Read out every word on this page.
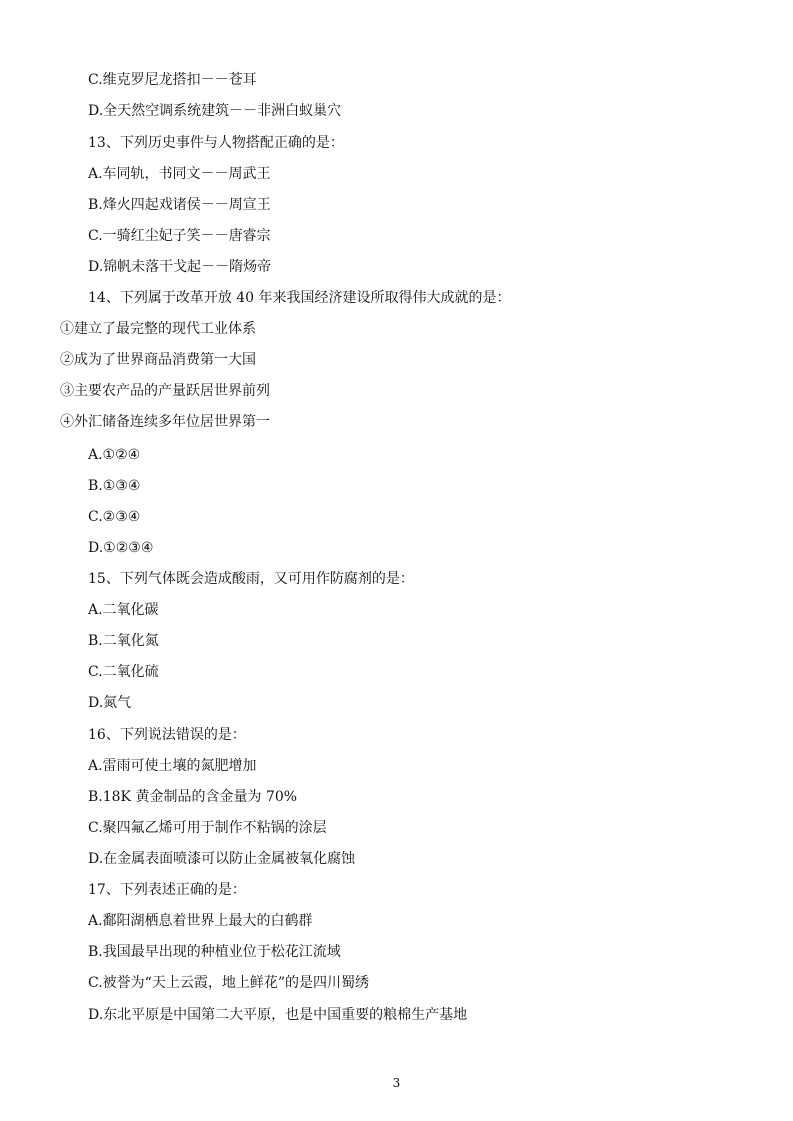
C.维克罗尼龙搭扣－－苍耳
D.全天然空调系统建筑－－非洲白蚁巢穴
13、下列历史事件与人物搭配正确的是：
A.车同轨，书同文－－周武王
B.烽火四起戏诸侯－－周宣王
C.一骑红尘妃子笑－－唐睿宗
D.锦帆未落干戈起－－隋炀帝
14、下列属于改革开放 40 年来我国经济建设所取得伟大成就的是：
①建立了最完整的现代工业体系
②成为了世界商品消费第一大国
③主要农产品的产量跃居世界前列
④外汇储备连续多年位居世界第一
A.①②④
B.①③④
C.②③④
D.①②③④
15、下列气体既会造成酸雨，又可用作防腐剂的是：
A.二氧化碳
B.二氧化氮
C.二氧化硫
D.氮气
16、下列说法错误的是：
A.雷雨可使土壤的氮肥增加
B.18K 黄金制品的含金量为 70%
C.聚四氟乙烯可用于制作不粘锅的涂层
D.在金属表面喷漆可以防止金属被氧化腐蚀
17、下列表述正确的是：
A.鄱阳湖栖息着世界上最大的白鹤群
B.我国最早出现的种植业位于松花江流域
C.被誉为“天上云霞，地上鲜花”的是四川蜀绣
D.东北平原是中国第二大平原，也是中国重要的粮棉生产基地
3
